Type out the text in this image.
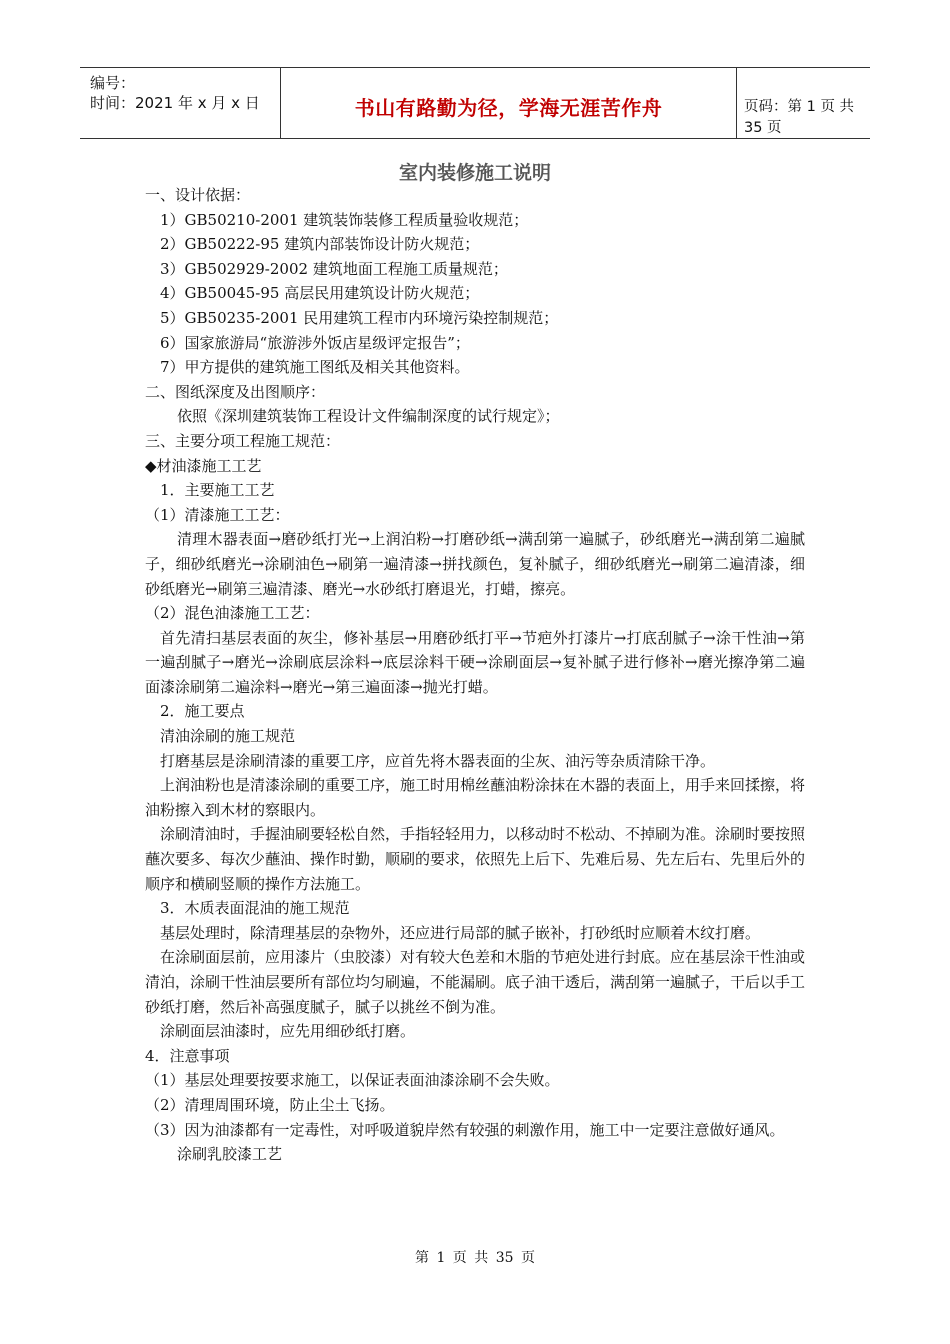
编号：
时间：2021 年 x 月 x 日	书山有路勤为径，学海无涯苦作舟	页码：第 1 页 共 35 页
室内装修施工说明
一、设计依据：
1）GB50210-2001 建筑装饰装修工程质量验收规范；
2）GB50222-95 建筑内部装饰设计防火规范；
3）GB502929-2002 建筑地面工程施工质量规范；
4）GB50045-95 高层民用建筑设计防火规范；
5）GB50235-2001 民用建筑工程市内环境污染控制规范；
6）国家旅游局“旅游涉外饭店星级评定报告”；
7）甲方提供的建筑施工图纸及相关其他资料。
二、图纸深度及出图顺序：
依照《深圳建筑装饰工程设计文件编制深度的试行规定》；
三、主要分项工程施工规范：
◆材油漆施工工艺
1．主要施工工艺
（1）清漆施工工艺：
清理木器表面→磨砂纸打光→上润泊粉→打磨砂纸→满刮第一遍腻子，砂纸磨光→满刮第二遍腻子，细砂纸磨光→涂刷油色→刷第一遍清漆→拼找颜色，复补腻子，细砂纸磨光→刷第二遍清漆，细砂纸磨光→刷第三遍清漆、磨光→水砂纸打磨退光，打蜡，擦亮。
（2）混色油漆施工工艺：
首先清扫基层表面的灰尘，修补基层→用磨砂纸打平→节疤外打漆片→打底刮腻子→涂干性油→第一遍刮腻子→磨光→涂刷底层涂料→底层涂料干硬→涂刷面层→复补腻子进行修补→磨光擦净第二遍面漆涂刷第二遍涂料→磨光→第三遍面漆→抛光打蜡。
2．施工要点
清油涂刷的施工规范
打磨基层是涂刷清漆的重要工序，应首先将木器表面的尘灰、油污等杂质清除干净。
上润油粉也是清漆涂刷的重要工序，施工时用棉丝蘸油粉涂抹在木器的表面上，用手来回揉擦，将油粉擦入到木材的察眼内。
涂刷清油时，手握油刷要轻松自然，手指轻轻用力，以移动时不松动、不掉刷为准。涂刷时要按照蘸次要多、每次少蘸油、操作时勤，顺刷的要求，依照先上后下、先难后易、先左后右、先里后外的顺序和横刷竖顺的操作方法施工。
3．木质表面混油的施工规范
基层处理时，除清理基层的杂物外，还应进行局部的腻子嵌补，打砂纸时应顺着木纹打磨。
在涂刷面层前，应用漆片（虫胶漆）对有较大色差和木脂的节疤处进行封底。应在基层涂干性油或清泊，涂刷干性油层要所有部位均匀刷遍，不能漏刷。底子油干透后，满刮第一遍腻子，干后以手工砂纸打磨，然后补高强度腻子，腻子以挑丝不倒为准。
涂刷面层油漆时，应先用细砂纸打磨。
4．注意事项
（1）基层处理要按要求施工，以保证表面油漆涂刷不会失败。
（2）清理周围环境，防止尘土飞扬。
（3）因为油漆都有一定毒性，对呼吸道貌岸然有较强的刺激作用，施工中一定要注意做好通风。
涂刷乳胶漆工艺
第 1 页 共 35 页
